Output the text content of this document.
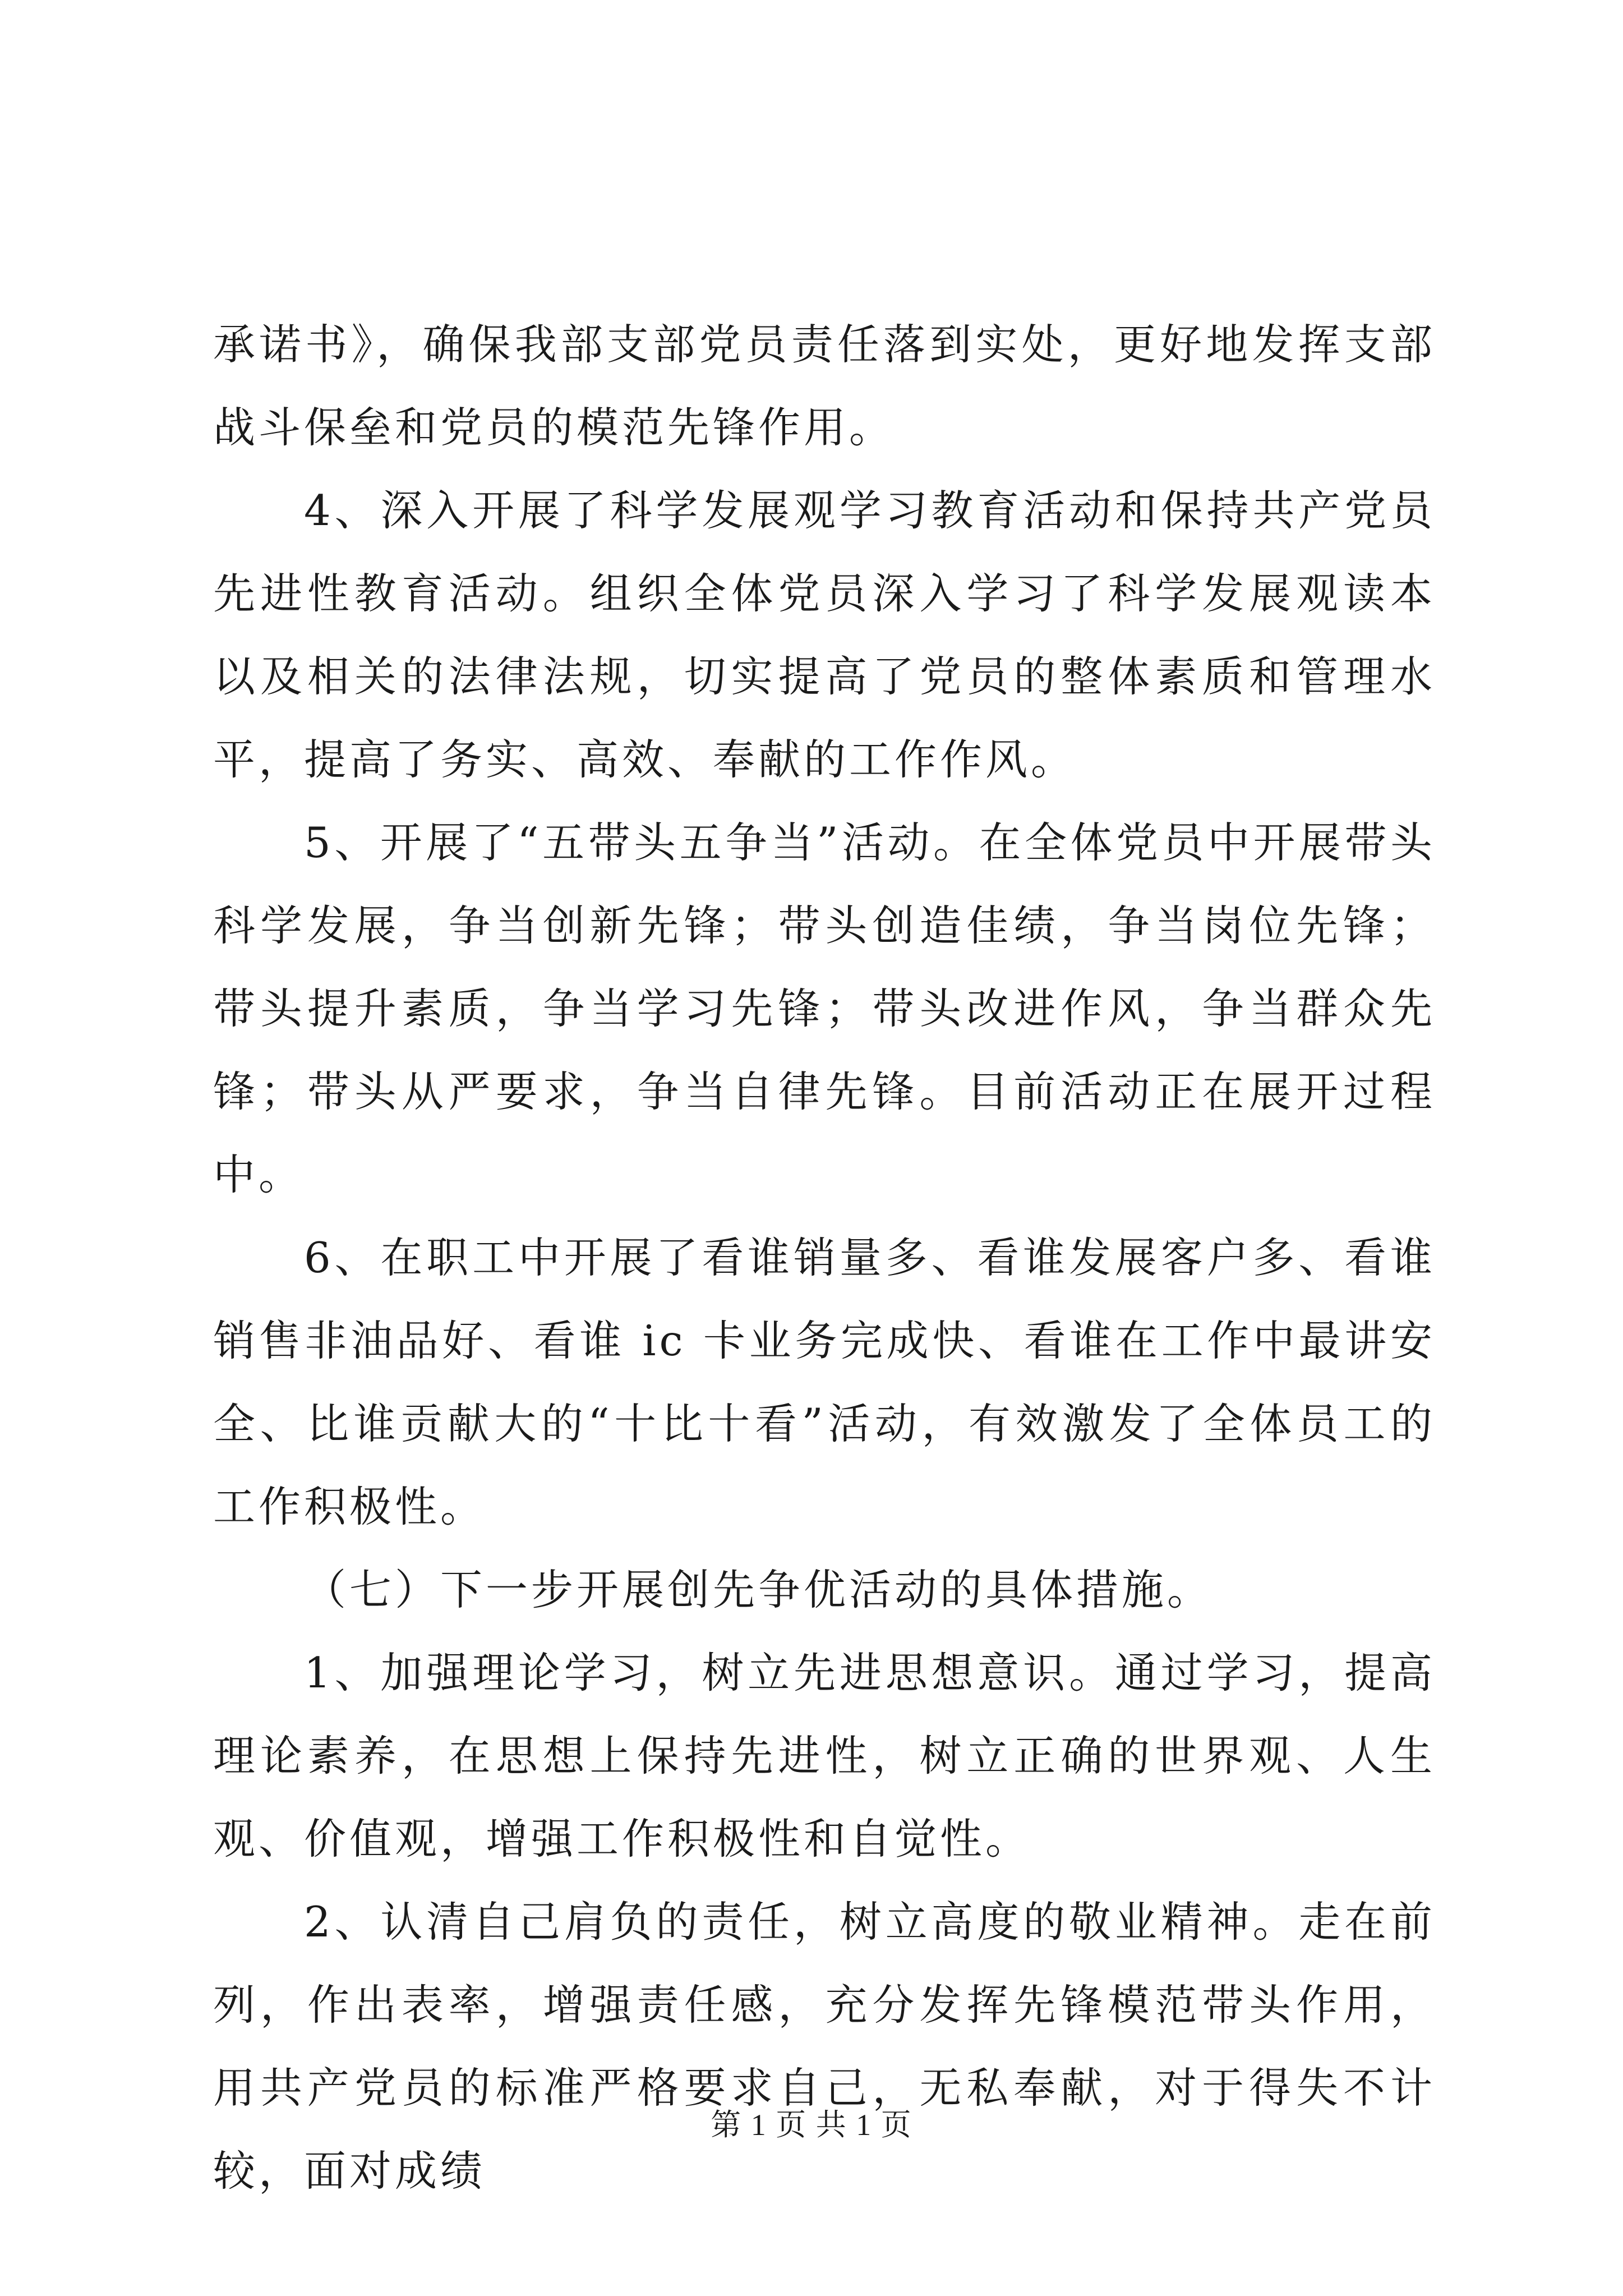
承诺书》，确保我部支部党员责任落到实处，更好地发挥支部战斗保垒和党员的模范先锋作用。

4、深入开展了科学发展观学习教育活动和保持共产党员先进性教育活动。组织全体党员深入学习了科学发展观读本以及相关的法律法规，切实提高了党员的整体素质和管理水平，提高了务实、高效、奉献的工作作风。

5、开展了“五带头五争当”活动。在全体党员中开展带头科学发展，争当创新先锋；带头创造佳绩，争当岗位先锋；带头提升素质，争当学习先锋；带头改进作风，争当群众先锋；带头从严要求，争当自律先锋。目前活动正在展开过程中。

6、在职工中开展了看谁销量多、看谁发展客户多、看谁销售非油品好、看谁 ic 卡业务完成快、看谁在工作中最讲安全、比谁贡献大的“十比十看”活动，有效激发了全体员工的工作积极性。

（七）下一步开展创先争优活动的具体措施。

1、加强理论学习，树立先进思想意识。通过学习，提高理论素养，在思想上保持先进性，树立正确的世界观、人生观、价值观，增强工作积极性和自觉性。

2、认清自己肩负的责任，树立高度的敬业精神。走在前列，作出表率，增强责任感，充分发挥先锋模范带头作用，用共产党员的标准严格要求自己，无私奉献，对于得失不计较，面对成绩

第 1 页 共 1 页
